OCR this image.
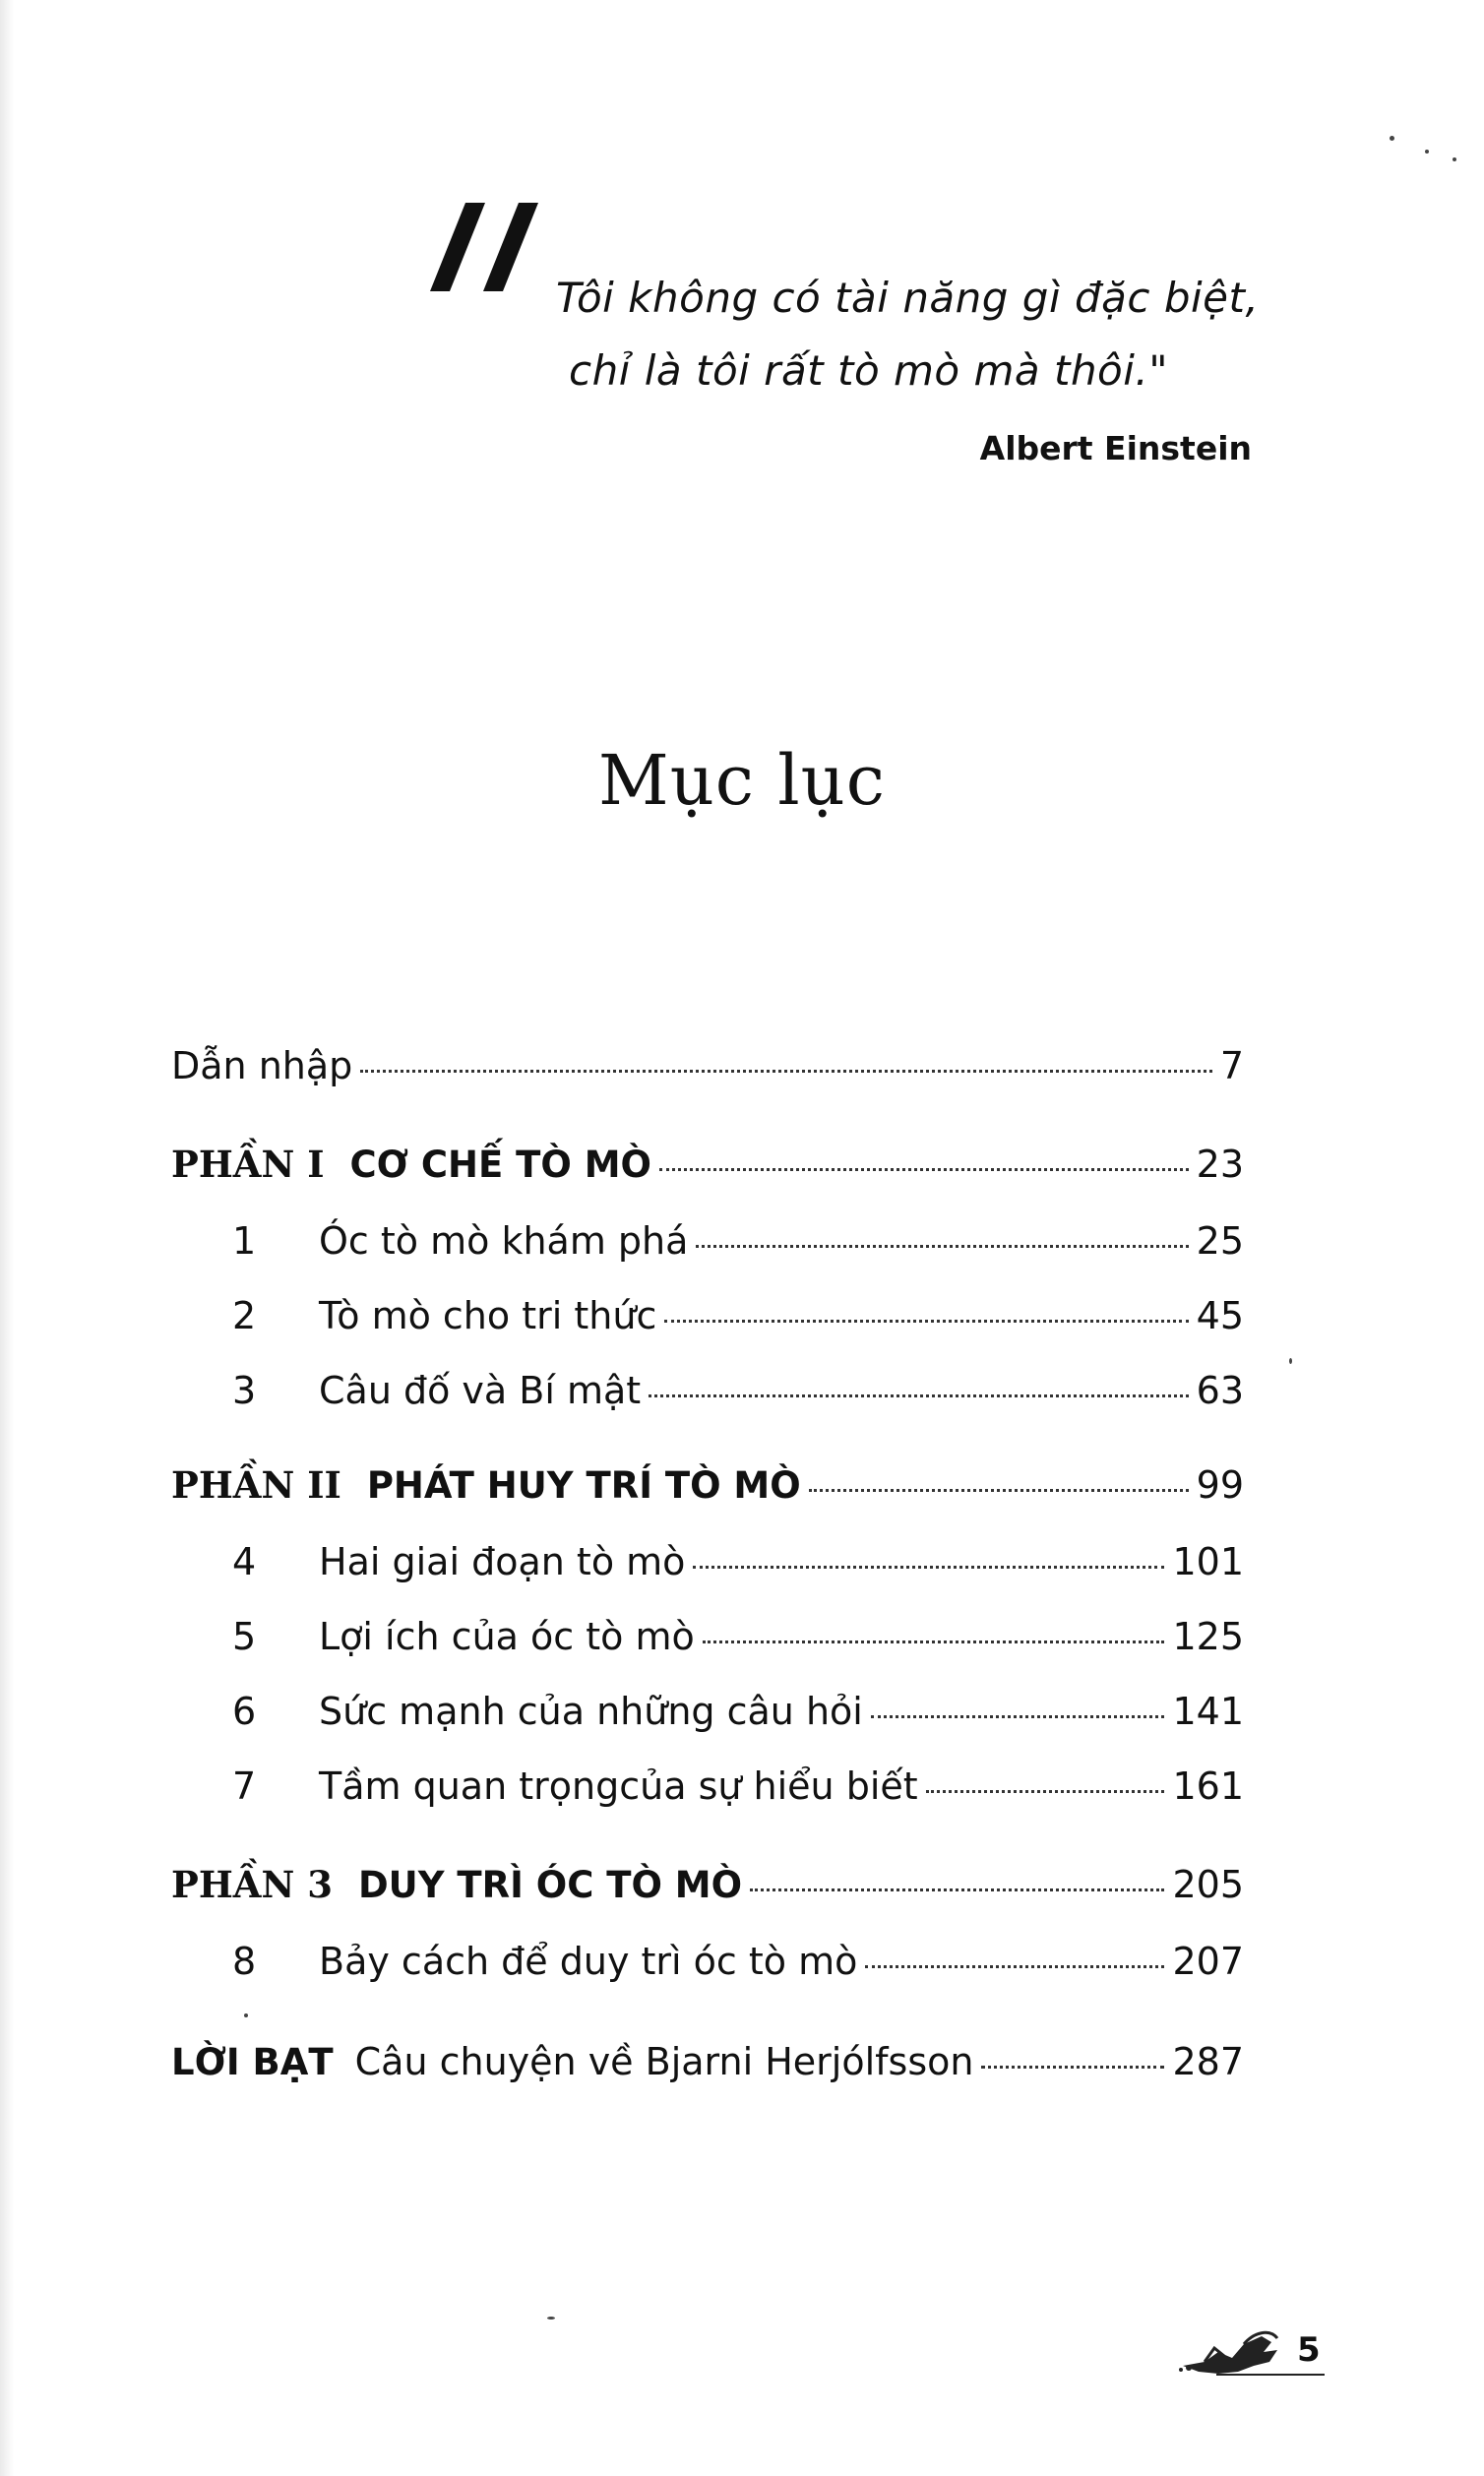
Tôi không có tài năng gì đặc biệt,
chỉ là tôi rất tò mò mà thôi."
Albert Einstein
Mục lục
Dẫn nhập	7
PHẦN I CƠ CHẾ TÒ MÒ	23
1	Óc tò mò khám phá	25
2	Tò mò cho tri thức	45
3	Câu đố và Bí mật	63
PHẦN II PHÁT HUY TRÍ TÒ MÒ	99
4	Hai giai đoạn tò mò	101
5	Lợi ích của óc tò mò	125
6	Sức mạnh của những câu hỏi	141
7	Tầm quan trọngcủa sự hiểu biết	161
PHẦN 3 DUY TRÌ ÓC TÒ MÒ	205
8	Bảy cách để duy trì óc tò mò	207
LỜI BẠT Câu chuyện về Bjarni Herjólfsson	287
5
